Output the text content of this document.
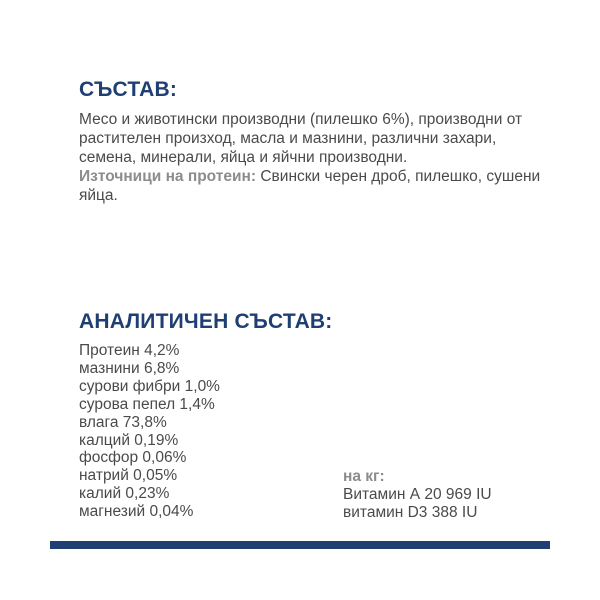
СЪСТАВ:
Месо и животински производни (пилешко 6%), производни от растителен произход, масла и мазнини, различни захари, семена, минерали, яйца и яйчни производни.
Източници на протеин: Свински черен дроб, пилешко, сушени яйца.
АНАЛИТИЧЕН СЪСТАВ:
Протеин 4,2%
мазнини 6,8%
сурови фибри 1,0%
сурова пепел 1,4%
влага 73,8%
калций 0,19%
фосфор 0,06%
натрий 0,05%
калий 0,23%
магнезий 0,04%
на кг:
Витамин А 20 969 IU
витамин D3 388 IU
